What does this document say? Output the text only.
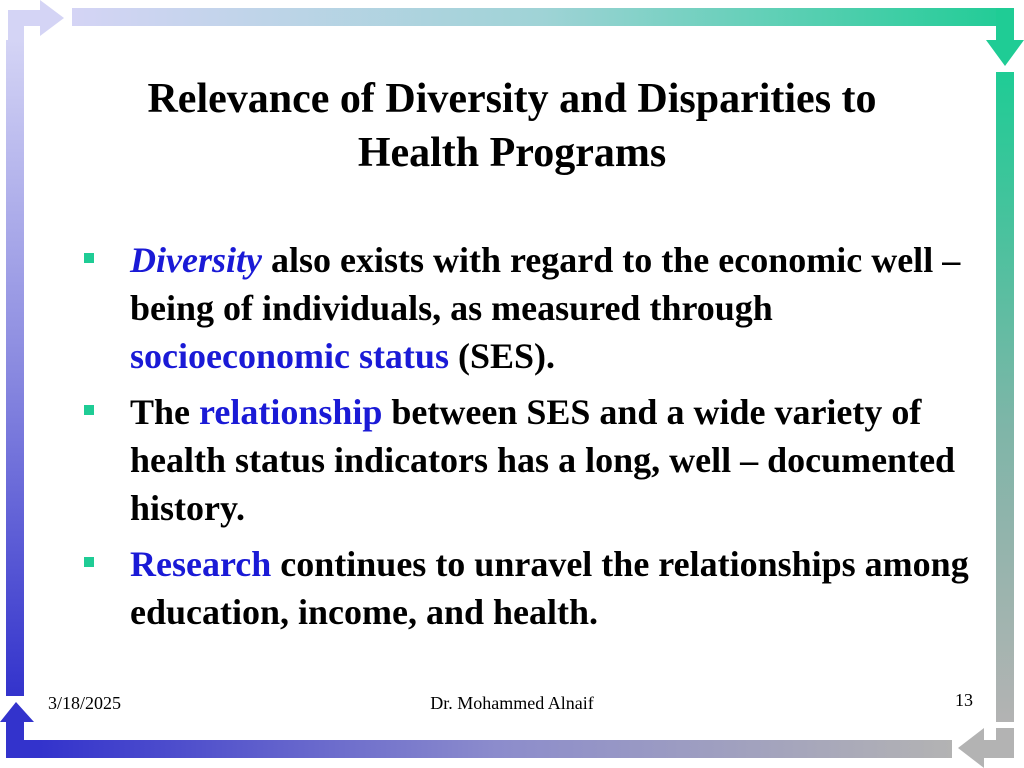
Relevance of Diversity and Disparities to
Health Programs
Diversity also exists with regard to the economic well – being of individuals, as measured through socioeconomic status (SES).
The relationship between SES and a wide variety of health status indicators has a long, well – documented history.
Research continues to unravel the relationships among education, income, and health.
3/18/2025	Dr. Mohammed Alnaif	13
